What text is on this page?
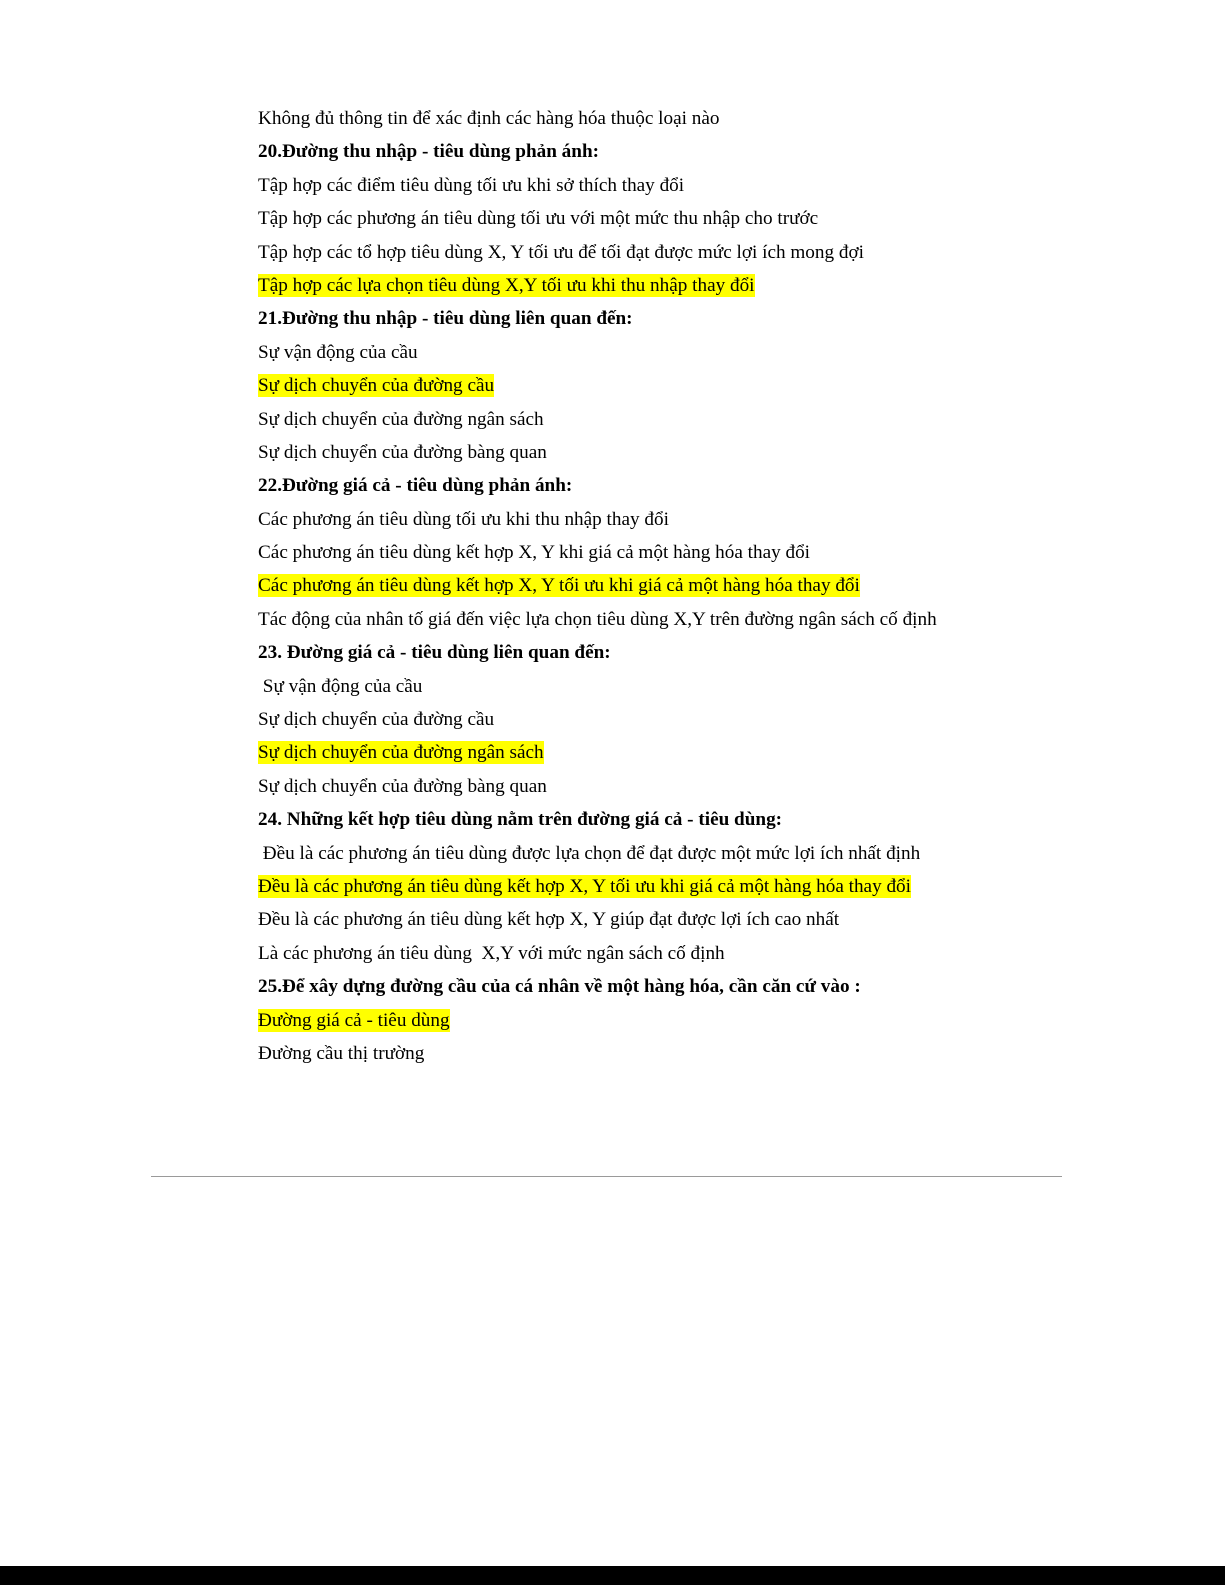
Không đủ thông tin để xác định các hàng hóa thuộc loại nào
20.Đường thu nhập - tiêu dùng phản ánh:
Tập hợp các điểm tiêu dùng tối ưu khi sở thích thay đổi
Tập hợp các phương án tiêu dùng tối ưu với một mức thu nhập cho trước
Tập hợp các tổ hợp tiêu dùng X, Y tối ưu để tối đạt được mức lợi ích mong đợi
Tập hợp các lựa chọn tiêu dùng X,Y tối ưu khi thu nhập thay đổi
21.Đường thu nhập - tiêu dùng liên quan đến:
Sự vận động của cầu
Sự dịch chuyển của đường cầu
Sự dịch chuyển của đường ngân sách
Sự dịch chuyển của đường bàng quan
22.Đường giá cả - tiêu dùng phản ánh:
Các phương án tiêu dùng tối ưu khi thu nhập thay đổi
Các phương án tiêu dùng kết hợp X, Y khi giá cả một hàng hóa thay đổi
Các phương án tiêu dùng kết hợp X, Y tối ưu khi giá cả một hàng hóa thay đổi
Tác động của nhân tố giá đến việc lựa chọn tiêu dùng X,Y trên đường ngân sách cố định
23. Đường giá cả - tiêu dùng liên quan đến:
Sự vận động của cầu
Sự dịch chuyển của đường cầu
Sự dịch chuyển của đường ngân sách
Sự dịch chuyển của đường bàng quan
24. Những kết hợp tiêu dùng nằm trên đường giá cả - tiêu dùng:
Đều là các phương án tiêu dùng được lựa chọn để đạt được một mức lợi ích nhất định
Đều là các phương án tiêu dùng kết hợp X, Y tối ưu khi giá cả một hàng hóa thay đổi
Đều là các phương án tiêu dùng kết hợp X, Y giúp đạt được lợi ích cao nhất
Là các phương án tiêu dùng  X,Y với mức ngân sách cố định
25.Để xây dựng đường cầu của cá nhân về một hàng hóa, cần căn cứ vào :
Đường giá cả - tiêu dùng
Đường cầu thị trường
